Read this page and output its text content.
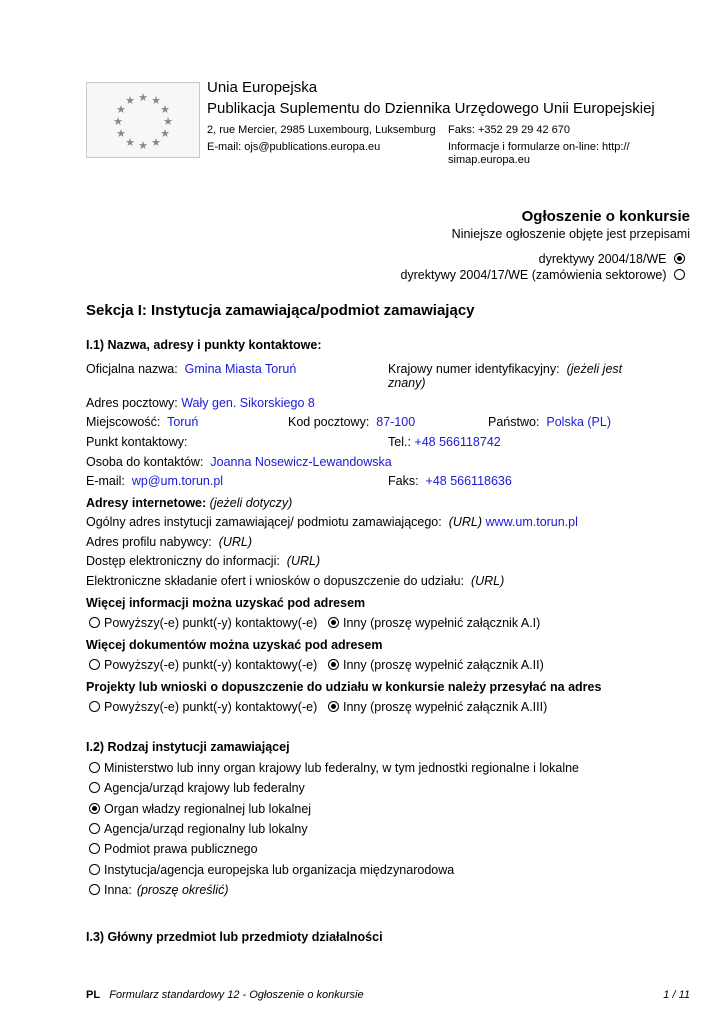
★ ★
★
★
★
★
★
★
★
★
★
★
Unia Europejska
Publikacja Suplementu do Dziennika Urzędowego Unii Europejskiej
2, rue Mercier, 2985 Luxembourg, Luksemburg Faks: +352 29 29 42 670
E-mail: ojs@publications.europa.eu	Informacje i formularze on-line: http://
simap.europa.eu
Ogłoszenie o konkursie
Niniejsze ogłoszenie objęte jest przepisami
dyrektywy 2004/18/WE
dyrektywy 2004/17/WE (zamówienia sektorowe)
Sekcja I: Instytucja zamawiająca/podmiot zamawiający
I.1) Nazwa, adresy i punkty kontaktowe:
Oficjalna nazwa: Gmina Miasta Toruń	Krajowy numer identyfikacyjny: (jeżeli jest
znany)
Adres pocztowy: Wały gen. Sikorskiego 8
Miejscowość: Toruń	Kod pocztowy: 87-100	Państwo: Polska (PL)
Punkt kontaktowy:	Tel.: +48 566118742
Osoba do kontaktów: Joanna Nosewicz-Lewandowska
E-mail: wp@um.torun.pl	Faks: +48 566118636
Adresy internetowe: (jeżeli dotyczy)
Ogólny adres instytucji zamawiającej/ podmiotu zamawiającego: (URL) www.um.torun.pl
Adres profilu nabywcy: (URL)
Dostęp elektroniczny do informacji: (URL)
Elektroniczne składanie ofert i wniosków o dopuszczenie do udziału: (URL)
Więcej informacji można uzyskać pod adresem
Powyższy(-e) punkt(-y) kontaktowy(-e)	Inny (proszę wypełnić załącznik A.I)
Więcej dokumentów można uzyskać pod adresem
Powyższy(-e) punkt(-y) kontaktowy(-e)	Inny (proszę wypełnić załącznik A.II)
Projekty lub wnioski o dopuszczenie do udziału w konkursie należy przesyłać na adres
Powyższy(-e) punkt(-y) kontaktowy(-e)	Inny (proszę wypełnić załącznik A.III)
I.2) Rodzaj instytucji zamawiającej
Ministerstwo lub inny organ krajowy lub federalny, w tym jednostki regionalne i lokalne
Agencja/urząd krajowy lub federalny
Organ władzy regionalnej lub lokalnej
Agencja/urząd regionalny lub lokalny
Podmiot prawa publicznego
Instytucja/agencja europejska lub organizacja międzynarodowa
Inna: (proszę określić)
I.3) Główny przedmiot lub przedmioty działalności
PL Formularz standardowy 12 - Ogłoszenie o konkursie	1 / 11
